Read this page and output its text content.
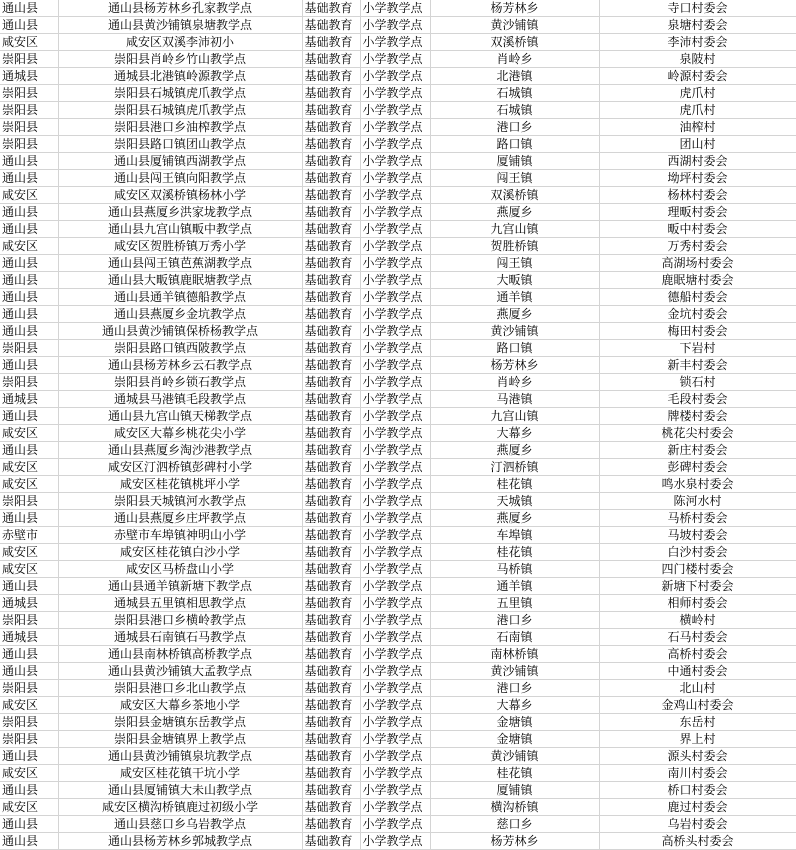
通山县	通山县杨芳林乡孔家教学点	基础教育	小学教学点	杨芳林乡	寺口村委会
通山县	通山县黄沙铺镇泉塘教学点	基础教育	小学教学点	黄沙铺镇	泉塘村委会
咸安区	咸安区双溪李沛初小	基础教育	小学教学点	双溪桥镇	李沛村委会
崇阳县	崇阳县肖岭乡竹山教学点	基础教育	小学教学点	肖岭乡	泉陂村
通城县	通城县北港镇岭源教学点	基础教育	小学教学点	北港镇	岭源村委会
崇阳县	崇阳县石城镇虎爪教学点	基础教育	小学教学点	石城镇	虎爪村
崇阳县	崇阳县石城镇虎爪教学点	基础教育	小学教学点	石城镇	虎爪村
崇阳县	崇阳县港口乡油榨教学点	基础教育	小学教学点	港口乡	油榨村
崇阳县	崇阳县路口镇团山教学点	基础教育	小学教学点	路口镇	团山村
通山县	通山县厦铺镇西湖教学点	基础教育	小学教学点	厦铺镇	西湖村委会
通山县	通山县闯王镇向阳教学点	基础教育	小学教学点	闯王镇	坳坪村委会
咸安区	咸安区双溪桥镇杨林小学	基础教育	小学教学点	双溪桥镇	杨林村委会
通山县	通山县燕厦乡洪家垅教学点	基础教育	小学教学点	燕厦乡	理畈村委会
通山县	通山县九宫山镇畈中教学点	基础教育	小学教学点	九宫山镇	畈中村委会
咸安区	咸安区贺胜桥镇万秀小学	基础教育	小学教学点	贺胜桥镇	万秀村委会
通山县	通山县闯王镇芭蕉湖教学点	基础教育	小学教学点	闯王镇	高湖场村委会
通山县	通山县大畈镇鹿眠塘教学点	基础教育	小学教学点	大畈镇	鹿眠塘村委会
通山县	通山县通羊镇德船教学点	基础教育	小学教学点	通羊镇	德船村委会
通山县	通山县燕厦乡金坑教学点	基础教育	小学教学点	燕厦乡	金坑村委会
通山县	通山县黄沙铺镇保桥杨教学点	基础教育	小学教学点	黄沙铺镇	梅田村委会
崇阳县	崇阳县路口镇西陂教学点	基础教育	小学教学点	路口镇	下岩村
通山县	通山县杨芳林乡云石教学点	基础教育	小学教学点	杨芳林乡	新丰村委会
崇阳县	崇阳县肖岭乡锁石教学点	基础教育	小学教学点	肖岭乡	锁石村
通城县	通城县马港镇毛段教学点	基础教育	小学教学点	马港镇	毛段村委会
通山县	通山县九宫山镇天梯教学点	基础教育	小学教学点	九宫山镇	牌楼村委会
咸安区	咸安区大幕乡桃花尖小学	基础教育	小学教学点	大幕乡	桃花尖村委会
通山县	通山县燕厦乡淘沙港教学点	基础教育	小学教学点	燕厦乡	新庄村委会
咸安区	咸安区汀泗桥镇彭碑村小学	基础教育	小学教学点	汀泗桥镇	彭碑村委会
咸安区	咸安区桂花镇桃坪小学	基础教育	小学教学点	桂花镇	鸣水泉村委会
崇阳县	崇阳县天城镇河水教学点	基础教育	小学教学点	天城镇	陈河水村
通山县	通山县燕厦乡庄坪教学点	基础教育	小学教学点	燕厦乡	马桥村委会
赤壁市	赤壁市车埠镇神明山小学	基础教育	小学教学点	车埠镇	马坡村委会
咸安区	咸安区桂花镇白沙小学	基础教育	小学教学点	桂花镇	白沙村委会
咸安区	咸安区马桥盘山小学	基础教育	小学教学点	马桥镇	四门楼村委会
通山县	通山县通羊镇新塘下教学点	基础教育	小学教学点	通羊镇	新塘下村委会
通城县	通城县五里镇相思教学点	基础教育	小学教学点	五里镇	相师村委会
崇阳县	崇阳县港口乡横岭教学点	基础教育	小学教学点	港口乡	横岭村
通城县	通城县石南镇石马教学点	基础教育	小学教学点	石南镇	石马村委会
通山县	通山县南林桥镇高桥教学点	基础教育	小学教学点	南林桥镇	高桥村委会
通山县	通山县黄沙铺镇大孟教学点	基础教育	小学教学点	黄沙铺镇	中通村委会
崇阳县	崇阳县港口乡北山教学点	基础教育	小学教学点	港口乡	北山村
咸安区	咸安区大幕乡茶地小学	基础教育	小学教学点	大幕乡	金鸡山村委会
崇阳县	崇阳县金塘镇东岳教学点	基础教育	小学教学点	金塘镇	东岳村
崇阳县	崇阳县金塘镇界上教学点	基础教育	小学教学点	金塘镇	界上村
通山县	通山县黄沙铺镇泉坑教学点	基础教育	小学教学点	黄沙铺镇	源头村委会
咸安区	咸安区桂花镇干坑小学	基础教育	小学教学点	桂花镇	南川村委会
通山县	通山县厦铺镇大未山教学点	基础教育	小学教学点	厦铺镇	桥口村委会
咸安区	咸安区横沟桥镇鹿过初级小学	基础教育	小学教学点	横沟桥镇	鹿过村委会
通山县	通山县慈口乡乌岩教学点	基础教育	小学教学点	慈口乡	乌岩村委会
通山县	通山县杨芳林乡郭城教学点	基础教育	小学教学点	杨芳林乡	高桥头村委会
